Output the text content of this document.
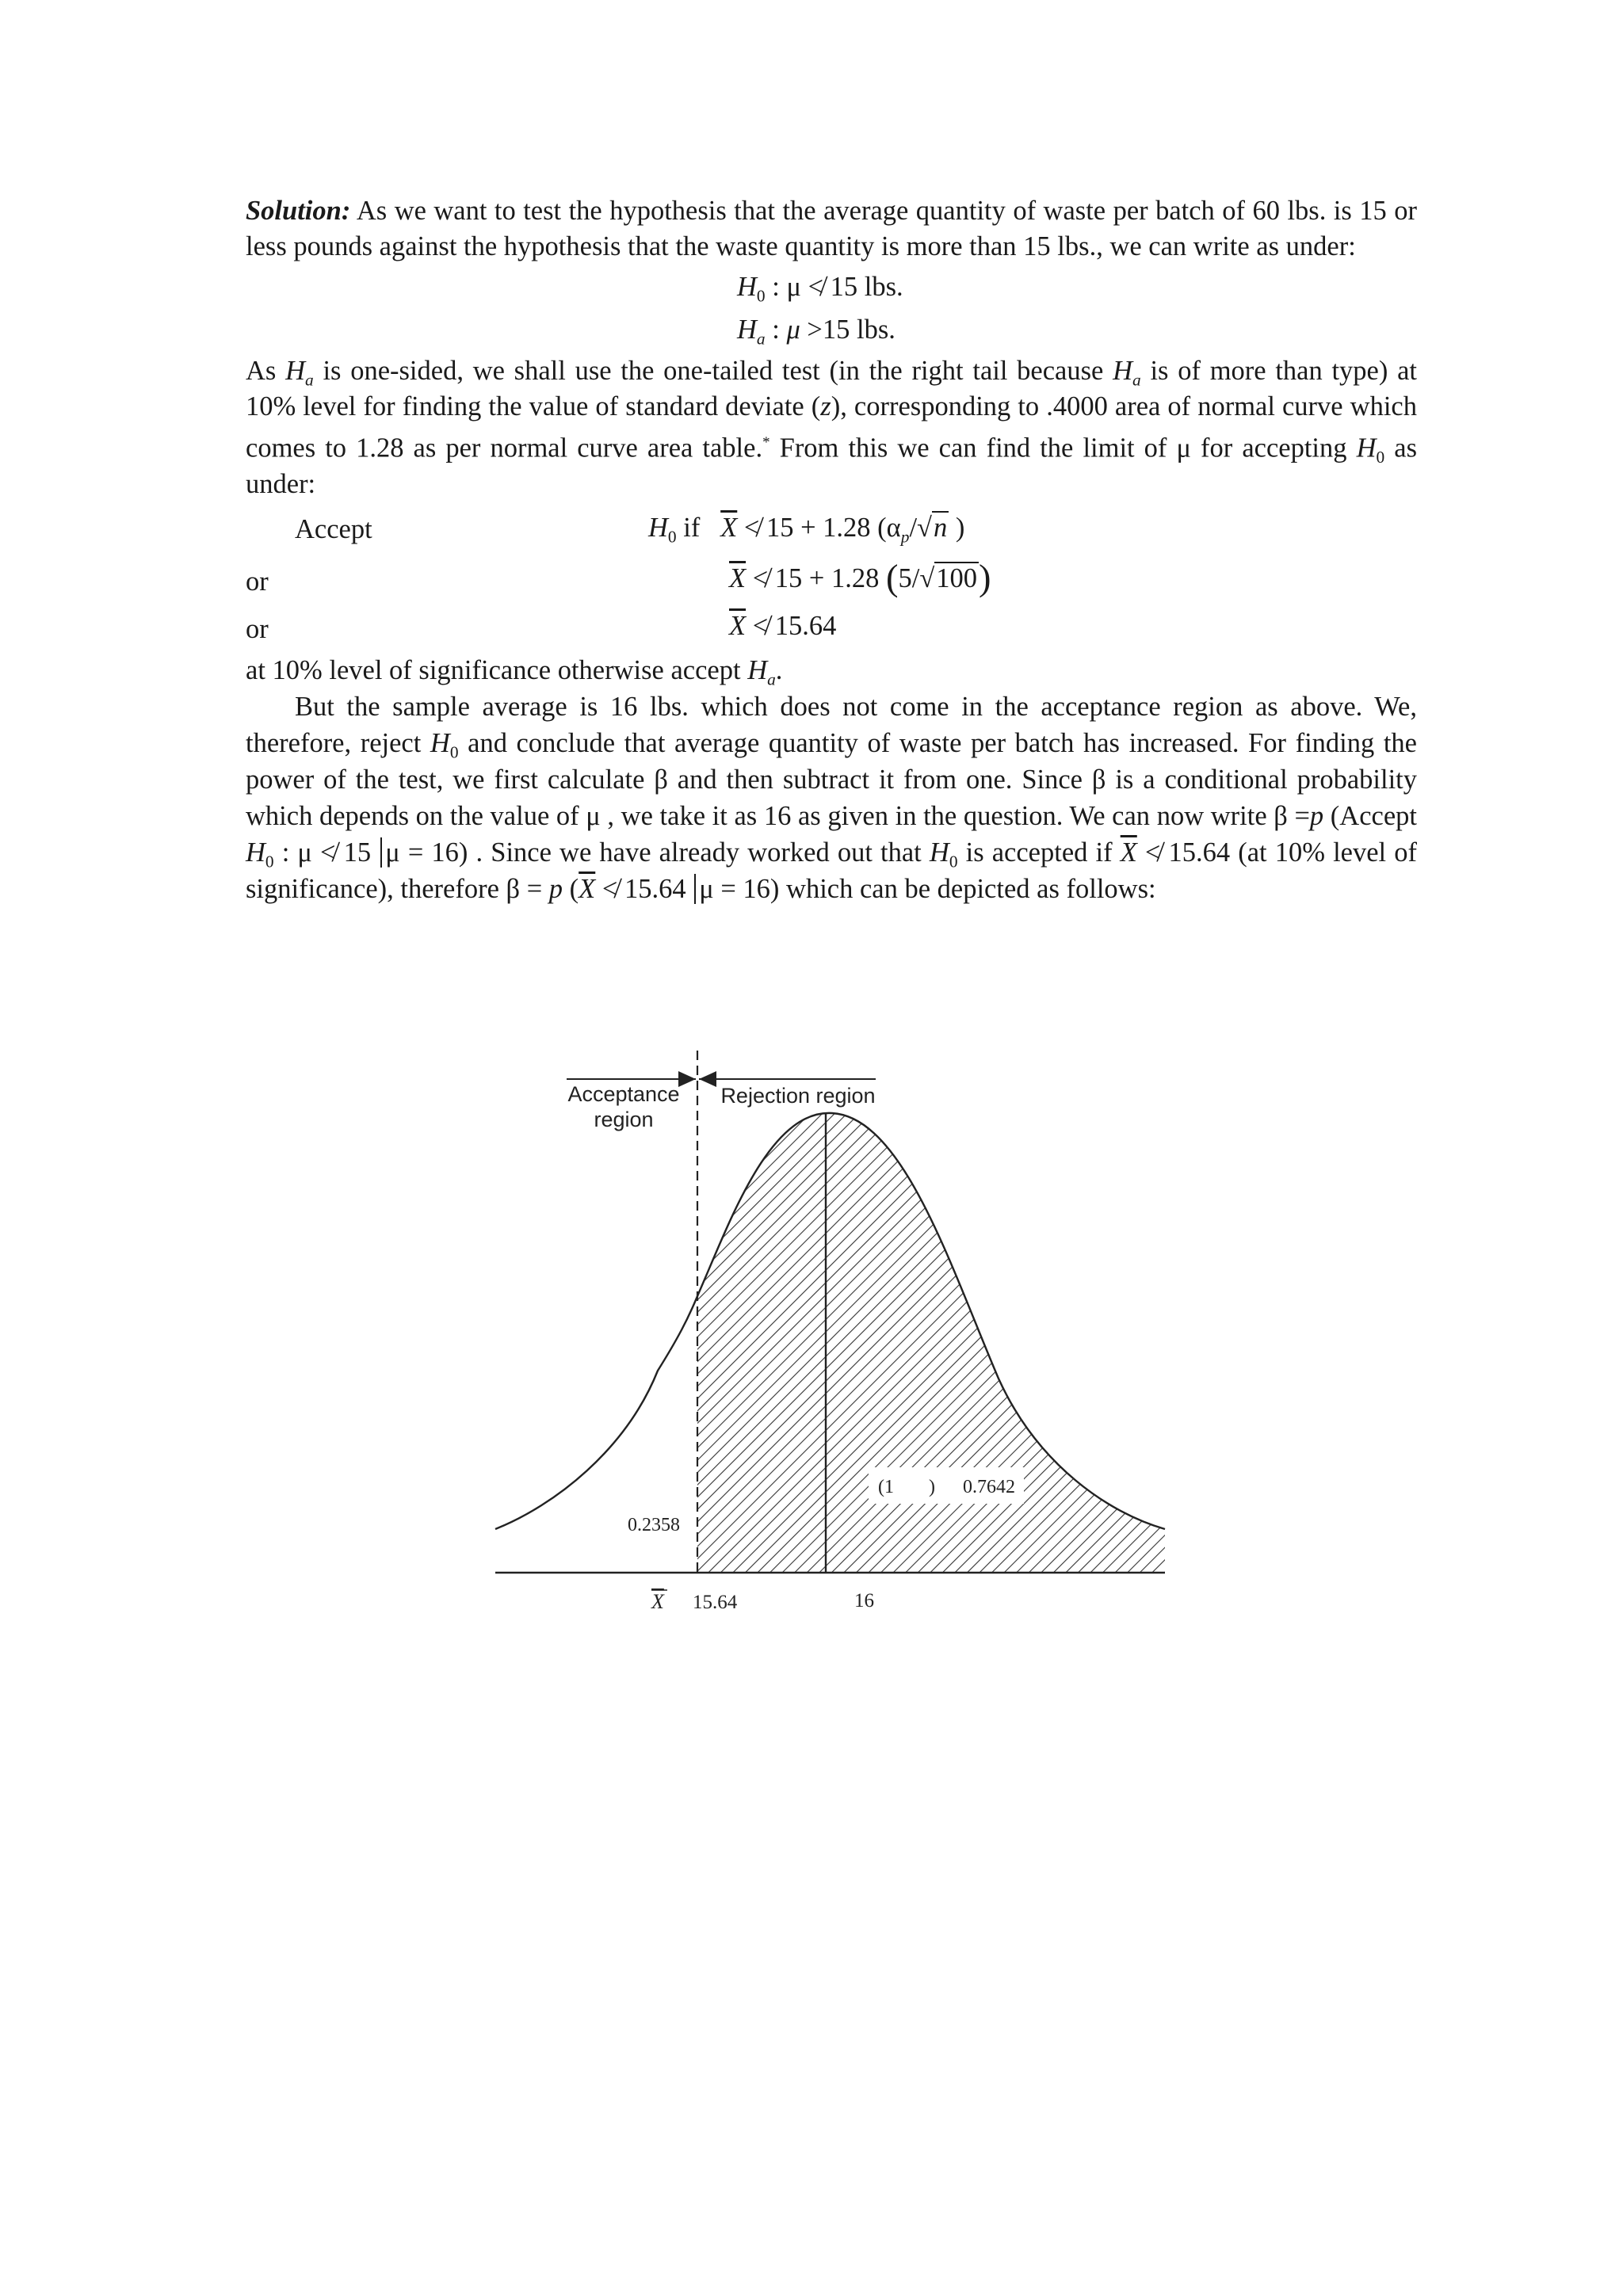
Solution: As we want to test the hypothesis that the average quantity of waste per batch of 60 lbs. is 15 or less pounds against the hypothesis that the waste quantity is more than 15 lbs., we can write as under:

$H_0$ : μ ≮ 15 lbs.
$H_a$ : μ >15 lbs.

As $H_a$ is one-sided, we shall use the one-tailed test (in the right tail because $H_a$ is of more than type) at 10% level for finding the value of standard deviate (z), corresponding to .4000 area of normal curve which comes to 1.28 as per normal curve area table.* From this we can find the limit of μ for accepting $H_0$ as under:

Accept	$H_0$ if $\overline{X}$ ≮ 15 + 1.28 ($\alpha_p/√n$ )
or	$\overline{X}$ ≮ 15 + 1.28 (5/√100)
or	$\overline{X}$ ≮ 15.64

at 10% level of significance otherwise accept $H_a$.

But the sample average is 16 lbs. which does not come in the acceptance region as above. We, therefore, reject $H_0$ and conclude that average quantity of waste per batch has increased. For finding the power of the test, we first calculate β and then subtract it from one. Since β is a conditional probability which depends on the value of μ , we take it as 16 as given in the question. We can now write β =p (Accept $H_0$ : μ ≮ 15 μ = 16) . Since we have already worked out that $H_0$ is accepted if $\overline{X}$ ≮ 15.64 (at 10% level of significance), therefore β = p ($\overline{X}$ ≮ 15.64 μ = 16) which can be depicted as follows:

Acceptance
region
Rejection region
0.2358
(1 ) 0.7642
X 15.64	16
